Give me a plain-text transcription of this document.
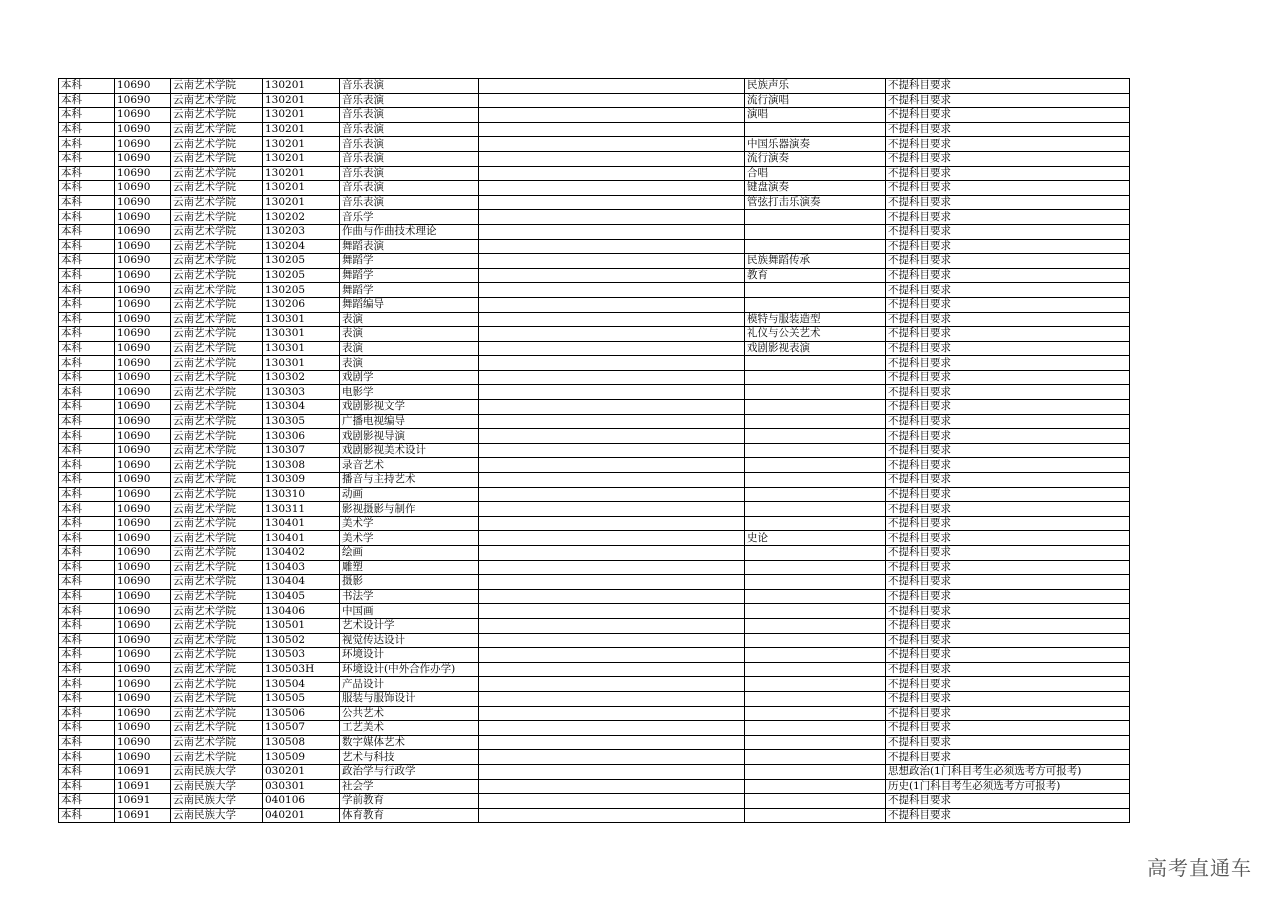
本科	10690	云南艺术学院	130201	音乐表演		民族声乐	不提科目要求
本科	10690	云南艺术学院	130201	音乐表演		流行演唱	不提科目要求
本科	10690	云南艺术学院	130201	音乐表演		演唱	不提科目要求
本科	10690	云南艺术学院	130201	音乐表演			不提科目要求
本科	10690	云南艺术学院	130201	音乐表演		中国乐器演奏	不提科目要求
本科	10690	云南艺术学院	130201	音乐表演		流行演奏	不提科目要求
本科	10690	云南艺术学院	130201	音乐表演		合唱	不提科目要求
本科	10690	云南艺术学院	130201	音乐表演		键盘演奏	不提科目要求
本科	10690	云南艺术学院	130201	音乐表演		管弦打击乐演奏	不提科目要求
本科	10690	云南艺术学院	130202	音乐学			不提科目要求
本科	10690	云南艺术学院	130203	作曲与作曲技术理论			不提科目要求
本科	10690	云南艺术学院	130204	舞蹈表演			不提科目要求
本科	10690	云南艺术学院	130205	舞蹈学		民族舞蹈传承	不提科目要求
本科	10690	云南艺术学院	130205	舞蹈学		教育	不提科目要求
本科	10690	云南艺术学院	130205	舞蹈学			不提科目要求
本科	10690	云南艺术学院	130206	舞蹈编导			不提科目要求
本科	10690	云南艺术学院	130301	表演		模特与服装造型	不提科目要求
本科	10690	云南艺术学院	130301	表演		礼仪与公关艺术	不提科目要求
本科	10690	云南艺术学院	130301	表演		戏剧影视表演	不提科目要求
本科	10690	云南艺术学院	130301	表演			不提科目要求
本科	10690	云南艺术学院	130302	戏剧学			不提科目要求
本科	10690	云南艺术学院	130303	电影学			不提科目要求
本科	10690	云南艺术学院	130304	戏剧影视文学			不提科目要求
本科	10690	云南艺术学院	130305	广播电视编导			不提科目要求
本科	10690	云南艺术学院	130306	戏剧影视导演			不提科目要求
本科	10690	云南艺术学院	130307	戏剧影视美术设计			不提科目要求
本科	10690	云南艺术学院	130308	录音艺术			不提科目要求
本科	10690	云南艺术学院	130309	播音与主持艺术			不提科目要求
本科	10690	云南艺术学院	130310	动画			不提科目要求
本科	10690	云南艺术学院	130311	影视摄影与制作			不提科目要求
本科	10690	云南艺术学院	130401	美术学			不提科目要求
本科	10690	云南艺术学院	130401	美术学		史论	不提科目要求
本科	10690	云南艺术学院	130402	绘画			不提科目要求
本科	10690	云南艺术学院	130403	雕塑			不提科目要求
本科	10690	云南艺术学院	130404	摄影			不提科目要求
本科	10690	云南艺术学院	130405	书法学			不提科目要求
本科	10690	云南艺术学院	130406	中国画			不提科目要求
本科	10690	云南艺术学院	130501	艺术设计学			不提科目要求
本科	10690	云南艺术学院	130502	视觉传达设计			不提科目要求
本科	10690	云南艺术学院	130503	环境设计			不提科目要求
本科	10690	云南艺术学院	130503H	环境设计(中外合作办学)			不提科目要求
本科	10690	云南艺术学院	130504	产品设计			不提科目要求
本科	10690	云南艺术学院	130505	服装与服饰设计			不提科目要求
本科	10690	云南艺术学院	130506	公共艺术			不提科目要求
本科	10690	云南艺术学院	130507	工艺美术			不提科目要求
本科	10690	云南艺术学院	130508	数字媒体艺术			不提科目要求
本科	10690	云南艺术学院	130509	艺术与科技			不提科目要求
本科	10691	云南民族大学	030201	政治学与行政学			思想政治(1门科目考生必须选考方可报考)
本科	10691	云南民族大学	030301	社会学			历史(1门科目考生必须选考方可报考)
本科	10691	云南民族大学	040106	学前教育			不提科目要求
本科	10691	云南民族大学	040201	体育教育			不提科目要求
高考直通车
